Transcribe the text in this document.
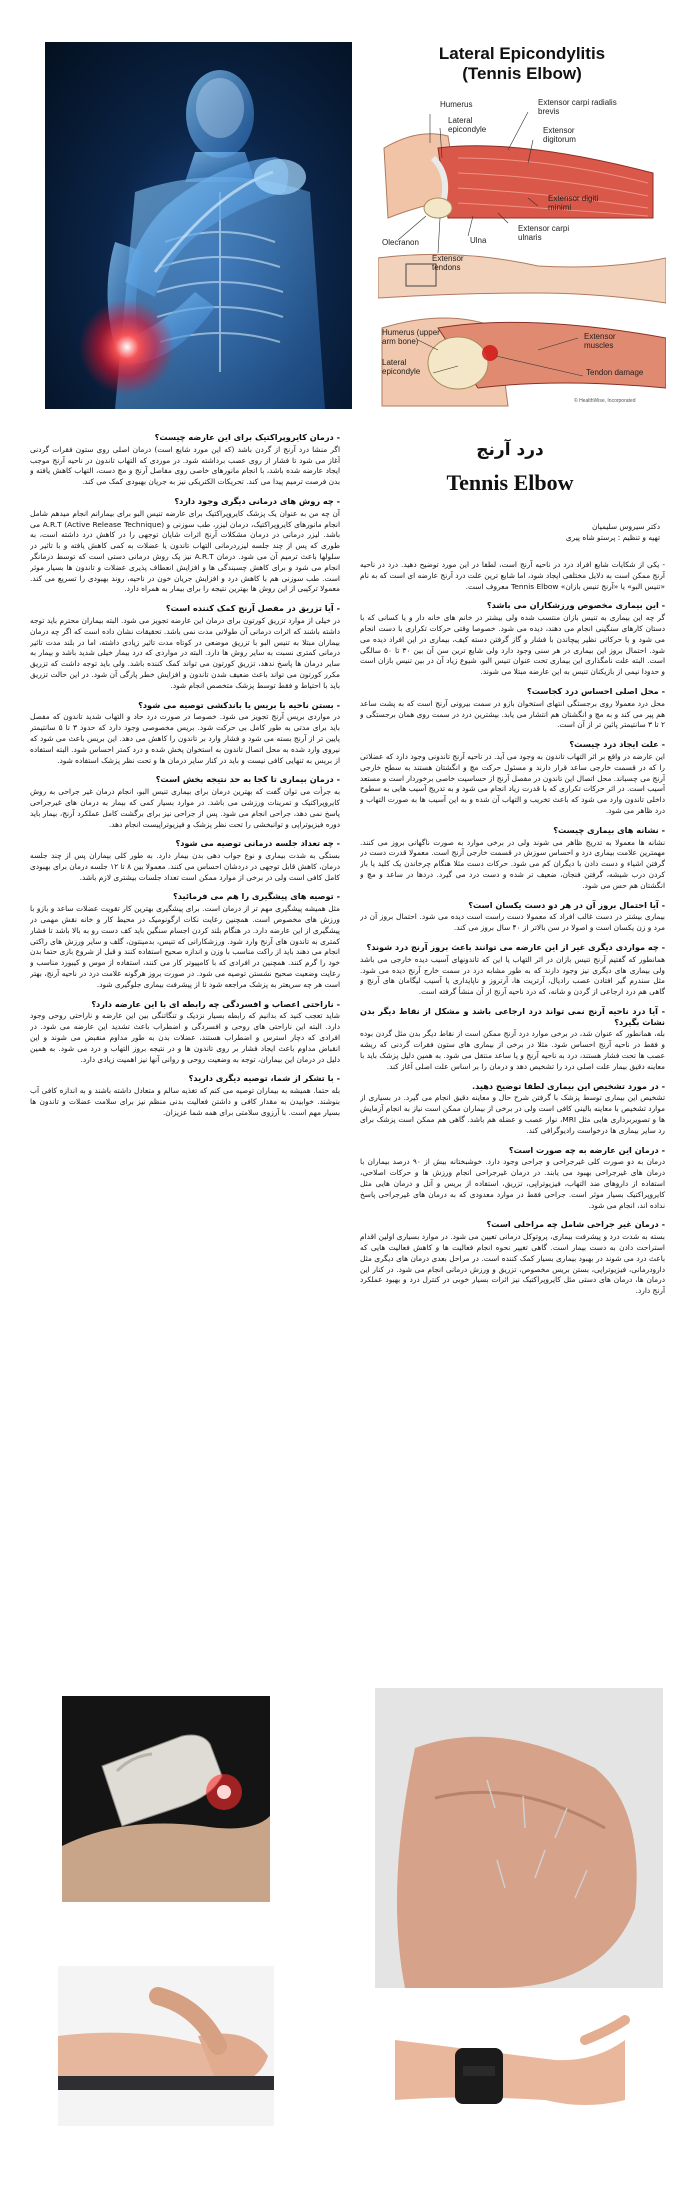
Lateral Epicondylitis
(Tennis Elbow)
Humerus
Lateral epicondyle
Extensor carpi radialis brevis
Extensor digitorum
Extensor digiti minimi
Extensor carpi ulnaris
Olecranon	Ulna
Extensor tendons
Humerus (upper arm bone)
Extensor muscles
Lateral epicondyle	Tendon damage
© HealthWise, Incorporated
درد آرنج
Tennis Elbow
دکتر سیروس سلیمیان
تهیه و تنظیم : پرستو شاه پیری
- یکی از شکایات شایع افراد درد در ناحیه آرنج است، لطفا در این مورد توضیح دهید. درد در ناحیه آرنج ممکن است به دلایل مختلفی ایجاد شود، اما شایع ترین علت درد آرنج عارضه ای است که به نام «تنیس البو» یا «آرنج تنیس بازان» Tennis Elbow معروف است.
- این بیماری مخصوص ورزشکاران می باشد؟
گر چه این بیماری به تنیس بازان منتسب شده ولی بیشتر در خانم های خانه دار و یا کسانی که با دستان کارهای سنگینی انجام می دهند، دیده می شود. خصوصا وقتی حرکات تکراری با دست انجام می شود و یا حرکاتی نظیر پیچاندن با فشار و گاز گرفتن دسته کیف، بیماری در این افراد دیده می شود. احتمال بروز این بیماری در هر سنی وجود دارد ولی شایع ترین سن آن بین ۳۰ تا ۵۰ سالگی است. البته علت نامگذاری این بیماری تحت عنوان تنیس البو، شیوع زیاد آن در بین تنیس بازان است و حدودا نیمی از بازیکنان تنیس به این عارضه مبتلا می شوند.
- محل اصلی احساس درد کجاست؟
محل درد معمولا روی برجستگی انتهای استخوان بازو در سمت بیرونی آرنج است که به پشت ساعد هم پیر می کند و به مچ و انگشتان هم انتشار می یابد. بیشترین درد در سمت روی همان برجستگی و ۲ تا ۳ سانتیمتر پائین تر از آن است.
- علت ایجاد درد چیست؟
این عارضه در واقع بر اثر التهاب تاندون به وجود می آید. در ناحیه آرنج تاندونی وجود دارد که عضلاتی را که در قسمت خارجی ساعد قرار دارند و مسئول حرکت مچ و انگشتان هستند به سطح خارجی آرنج می چسباند. محل اتصال این تاندون در مفصل آرنج از حساسیت خاصی برخوردار است و مستعد آسیب است. در اثر حرکات تکراری که با قدرت زیاد انجام می شود و به تدریج آسیب هایی به سطوح داخلی تاندون وارد می شود که باعث تخریب و التهاب آن شده و به این آسیب ها به صورت التهاب و درد ظاهر می شود.
- نشانه های بیماری چیست؟
نشانه ها معمولا به تدریج ظاهر می شوند ولی در برخی موارد به صورت ناگهانی بروز می کنند. مهمترین علامت بیماری درد و احساس سوزش در قسمت خارجی آرنج است. معمولا قدرت دست در گرفتن اشیاء و دست دادن با دیگران کم می شود. حرکات دست مثلا هنگام چرخاندن یک کلید یا باز کردن درب شیشه، گرفتن فنجان، ضعیف تر شده و دست درد می گیرد. دردها در ساعد و مچ و انگشتان هم حس می شود.
- آیا احتمال بروز آن در هر دو دست یکسان است؟
بیماری بیشتر در دست غالب افراد که معمولا دست راست است دیده می شود. احتمال بروز آن در مرد و زن یکسان است و اصولا در سن بالاتر از ۴۰ سال بروز می کند.
- چه مواردی دیگری غیر از این عارضه می توانند باعث بروز آرنج درد شوند؟
همانطور که گفتیم آرنج تنیس بازان در اثر التهاب یا این که تاندونهای آسیب دیده خارجی می باشد ولی بیماری های دیگری نیز وجود دارند که به طور مشابه درد در سمت خارج آرنج دیده می شود. مثل سندرم گیر افتادن عصب رادیال، آرتریت ها، آرتروز و ناپایداری یا آسیب لیگامان های آرنج و گاهی هم درد ارجاعی از گردن و شانه، که درد ناحیه آرنج از آن منشأ گرفته است.
- آیا درد ناحیه آرنج نمی تواند درد ارجاعی باشد و مشکل از نقاط دیگر بدن نشات بگیرد؟
بله، همانطور که عنوان شد، در برخی موارد درد آرنج ممکن است از نقاط دیگر بدن مثل گردن بوده و فقط در ناحیه آرنج احساس شود. مثلا در برخی از بیماری های ستون فقرات گردنی که ریشه عصب ها تحت فشار هستند، درد به ناحیه آرنج و یا ساعد منتقل می شود. به همین دلیل پزشک باید با معاینه دقیق بیمار علت اصلی درد را تشخیص دهد و درمان را بر اساس علت اصلی آغاز کند.
- در مورد تشخیص این بیماری لطفا توضیح دهید.
تشخیص این بیماری توسط پزشک با گرفتن شرح حال و معاینه دقیق انجام می گیرد. در بسیاری از موارد تشخیص با معاینه بالینی کافی است ولی در برخی از بیماران ممکن است نیاز به انجام آزمایش ها و تصویربرداری هایی مثل MRI، نوار عصب و عضله هم باشد. گاهی هم ممکن است پزشک برای رد سایر بیماری ها درخواست رادیوگرافی کند.
- درمان این عارضه به چه صورت است؟
درمان به دو صورت کلی غیرجراحی و جراحی وجود دارد. خوشبختانه بیش از ۹۰ درصد بیماران با درمان های غیرجراحی بهبود می یابند. در درمان غیرجراحی انجام ورزش ها و حرکات اصلاحی، استفاده از داروهای ضد التهاب، فیزیوتراپی، تزریق، استفاده از بریس و آتل و درمان هایی مثل کایروپراکتیک بسیار موثر است. جراحی فقط در موارد معدودی که به درمان های غیرجراحی پاسخ نداده اند، انجام می شود.
- درمان غیر جراحی شامل چه مراحلی است؟
بسته به شدت درد و پیشرفت بیماری، پروتوکل درمانی تعیین می شود. در موارد بسیاری اولین اقدام استراحت دادن به دست بیمار است. گاهی تغییر نحوه انجام فعالیت ها و کاهش فعالیت هایی که باعث درد می شوند در بهبود بیماری بسیار کمک کننده است. در مراحل بعدی درمان های دیگری مثل دارودرمانی، فیزیوتراپی، بستن بریس مخصوص، تزریق و ورزش درمانی انجام می شود. در کنار این درمان ها، درمان های دستی مثل کایروپراکتیک نیز اثرات بسیار خوبی در کنترل درد و بهبود عملکرد آرنج دارد.
- درمان کایروپراکتیک برای این عارضه چیست؟
اگر منشا درد آرنج از گردن باشد (که این مورد شایع است) درمان اصلی روی ستون فقرات گردنی آغاز می شود تا فشار از روی عصب برداشته شود. در موردی که التهاب تاندون در ناحیه آرنج موجب ایجاد عارضه شده باشد، با انجام مانورهای خاصی روی مفاصل آرنج و مچ دست، التهاب کاهش یافته و بدن فرصت ترمیم پیدا می کند. تحریکات الکتریکی نیز به جریان بهبودی کمک می کند.
- چه روش های درمانی دیگری وجود دارد؟
آن چه من به عنوان یک پزشک کایروپراکتیک برای عارضه تنیس البو برای بیمارانم انجام میدهم شامل انجام مانورهای کایروپراکتیک، درمان لیزر، طب سوزنی و A.R.T (Active Release Technique) می باشد. لیزر درمانی در درمان مشکلات آرنج اثرات شایان توجهی را در کاهش درد داشته است، به طوری که پس از چند جلسه لیزردرمانی التهاب تاندون یا عضلات به کمی کاهش یافته و با تاثیر در سلولها باعث ترمیم آن می شود. درمان A.R.T نیز یک روش درمانی دستی است که توسط درمانگر انجام می شود و برای کاهش چسبندگی ها و افزایش انعطاف پذیری عضلات و تاندون ها بسیار موثر است. طب سوزنی هم با کاهش درد و افزایش جریان خون در ناحیه، روند بهبودی را تسریع می کند. معمولا ترکیبی از این روش ها بهترین نتیجه را برای بیمار به همراه دارد.
- آیا تزریق در مفصل آرنج کمک کننده است؟
در خیلی از موارد تزریق کورتون برای درمان این عارضه تجویز می شود. البته بیماران محترم باید توجه داشته باشند که اثرات درمانی آن طولانی مدت نمی باشد. تحقیقات نشان داده است که اگر چه درمان بیماران مبتلا به تنیس البو با تزریق موضعی در کوتاه مدت تاثیر زیادی داشته، اما در بلند مدت تاثیر درمانی کمتری نسبت به سایر روش ها دارد. البته در مواردی که درد بیمار خیلی شدید باشد و بیمار به سایر درمان ها پاسخ ندهد، تزریق کورتون می تواند کمک کننده باشد. ولی باید توجه داشت که تزریق مکرر کورتون می تواند باعث ضعیف شدن تاندون و افزایش خطر پارگی آن شود. در این حالت تزریق باید با احتیاط و فقط توسط پزشک متخصص انجام شود.
- بستن ناحیه با بریس یا باندکشی توصیه می شود؟
در مواردی بریس آرنج تجویز می شود. خصوصا در صورت درد حاد و التهاب شدید تاندون که مفصل باید برای مدتی به طور کامل بی حرکت شود. بریس مخصوصی وجود دارد که حدود ۳ تا ۵ سانتیمتر پایین تر از آرنج بسته می شود و فشار وارد بر تاندون را کاهش می دهد. این بریس باعث می شود که نیروی وارد شده به محل اتصال تاندون به استخوان پخش شده و درد کمتر احساس شود. البته استفاده از بریس به تنهایی کافی نیست و باید در کنار سایر درمان ها و تحت نظر پزشک استفاده شود.
- درمان بیماری تا کجا به حد نتیجه بخش است؟
به جرأت می توان گفت که بهترین درمان برای بیماری تنیس البو، انجام درمان غیر جراحی به روش کایروپراکتیک و تمرینات ورزشی می باشد. در موارد بسیار کمی که بیمار به درمان های غیرجراحی پاسخ نمی دهد، جراحی انجام می شود. پس از جراحی نیز برای برگشت کامل عملکرد آرنج، بیمار باید دوره فیزیوتراپی و توانبخشی را تحت نظر پزشک و فیزیوتراپیست انجام دهد.
- چه تعداد جلسه درمانی توصیه می شود؟
بستگی به شدت بیماری و نوع جواب دهی بدن بیمار دارد. به طور کلی بیماران پس از چند جلسه درمان، کاهش قابل توجهی در دردشان احساس می کنند. معمولا بین ۸ تا ۱۲ جلسه درمان برای بهبودی کامل کافی است ولی در برخی از موارد ممکن است تعداد جلسات بیشتری لازم باشد.
- توصیه های پیشگیری را هم می فرمائید؟
مثل همیشه پیشگیری مهم تر از درمان است. برای پیشگیری بهترین کار تقویت عضلات ساعد و بازو با ورزش های مخصوص است. همچنین رعایت نکات ارگونومیک در محیط کار و خانه نقش مهمی در پیشگیری از این عارضه دارد. در هنگام بلند کردن اجسام سنگین باید کف دست رو به بالا باشد تا فشار کمتری به تاندون های آرنج وارد شود. ورزشکارانی که تنیس، بدمینتون، گلف و سایر ورزش های راکتی انجام می دهند باید از راکت مناسب با وزن و اندازه صحیح استفاده کنند و قبل از شروع بازی حتما بدن خود را گرم کنند. همچنین در افرادی که با کامپیوتر کار می کنند، استفاده از موس و کیبورد مناسب و رعایت وضعیت صحیح نشستن توصیه می شود. در صورت بروز هرگونه علامت درد در ناحیه آرنج، بهتر است هر چه سریعتر به پزشک مراجعه شود تا از پیشرفت بیماری جلوگیری شود.
- ناراحتی اعصاب و افسردگی چه رابطه ای با این عارضه دارد؟
شاید تعجب کنید که بدانیم که رابطه بسیار نزدیک و تنگاتنگی بین این عارضه و ناراحتی روحی وجود دارد. البته این ناراحتی های روحی و افسردگی و اضطراب باعث تشدید این عارضه می شود. در افرادی که دچار استرس و اضطراب هستند، عضلات بدن به طور مداوم منقبض می شوند و این انقباض مداوم باعث ایجاد فشار بر روی تاندون ها و در نتیجه بروز التهاب و درد می شود. به همین دلیل در درمان این بیماران، توجه به وضعیت روحی و روانی آنها نیز اهمیت زیادی دارد.
- با تشکر از شما، توصیه دیگری دارید؟
بله حتما. همیشه به بیماران توصیه می کنم که تغذیه سالم و متعادل داشته باشند و به اندازه کافی آب بنوشند. خوابیدن به مقدار کافی و داشتن فعالیت بدنی منظم نیز برای سلامت عضلات و تاندون ها بسیار مهم است. با آرزوی سلامتی برای همه شما عزیزان.
